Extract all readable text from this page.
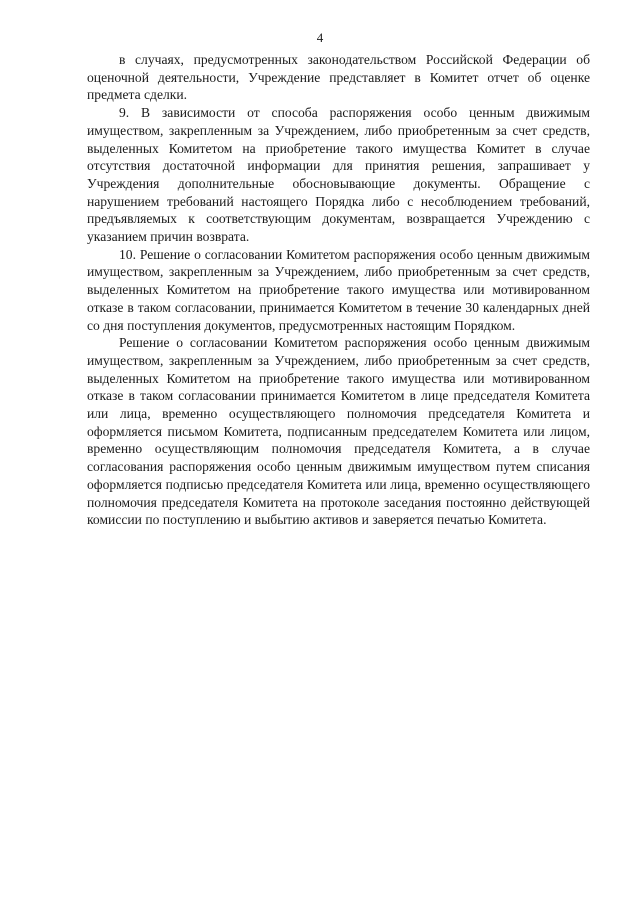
4

в случаях, предусмотренных законодательством Российской Федерации об оценочной деятельности, Учреждение представляет в Комитет отчет об оценке предмета сделки.

9. В зависимости от способа распоряжения особо ценным движимым имуществом, закрепленным за Учреждением, либо приобретенным за счет средств, выделенных Комитетом на приобретение такого имущества Комитет в случае отсутствия достаточной информации для принятия решения, запрашивает у Учреждения дополнительные обосновывающие документы. Обращение с нарушением требований настоящего Порядка либо с несоблюдением требований, предъявляемых к соответствующим документам, возвращается Учреждению с указанием причин возврата.

10. Решение о согласовании Комитетом распоряжения особо ценным движимым имуществом, закрепленным за Учреждением, либо приобретенным за счет средств, выделенных Комитетом на приобретение такого имущества или мотивированном отказе в таком согласовании, принимается Комитетом в течение 30 календарных дней со дня поступления документов, предусмотренных настоящим Порядком.

Решение о согласовании Комитетом распоряжения особо ценным движимым имуществом, закрепленным за Учреждением, либо приобретенным за счет средств, выделенных Комитетом на приобретение такого имущества или мотивированном отказе в таком согласовании принимается Комитетом в лице председателя Комитета или лица, временно осуществляющего полномочия председателя Комитета и оформляется письмом Комитета, подписанным председателем Комитета или лицом, временно осуществляющим полномочия председателя Комитета, а в случае согласования распоряжения особо ценным движимым имуществом путем списания оформляется подписью председателя Комитета или лица, временно осуществляющего полномочия председателя Комитета на протоколе заседания постоянно действующей комиссии по поступлению и выбытию активов и заверяется печатью Комитета.
